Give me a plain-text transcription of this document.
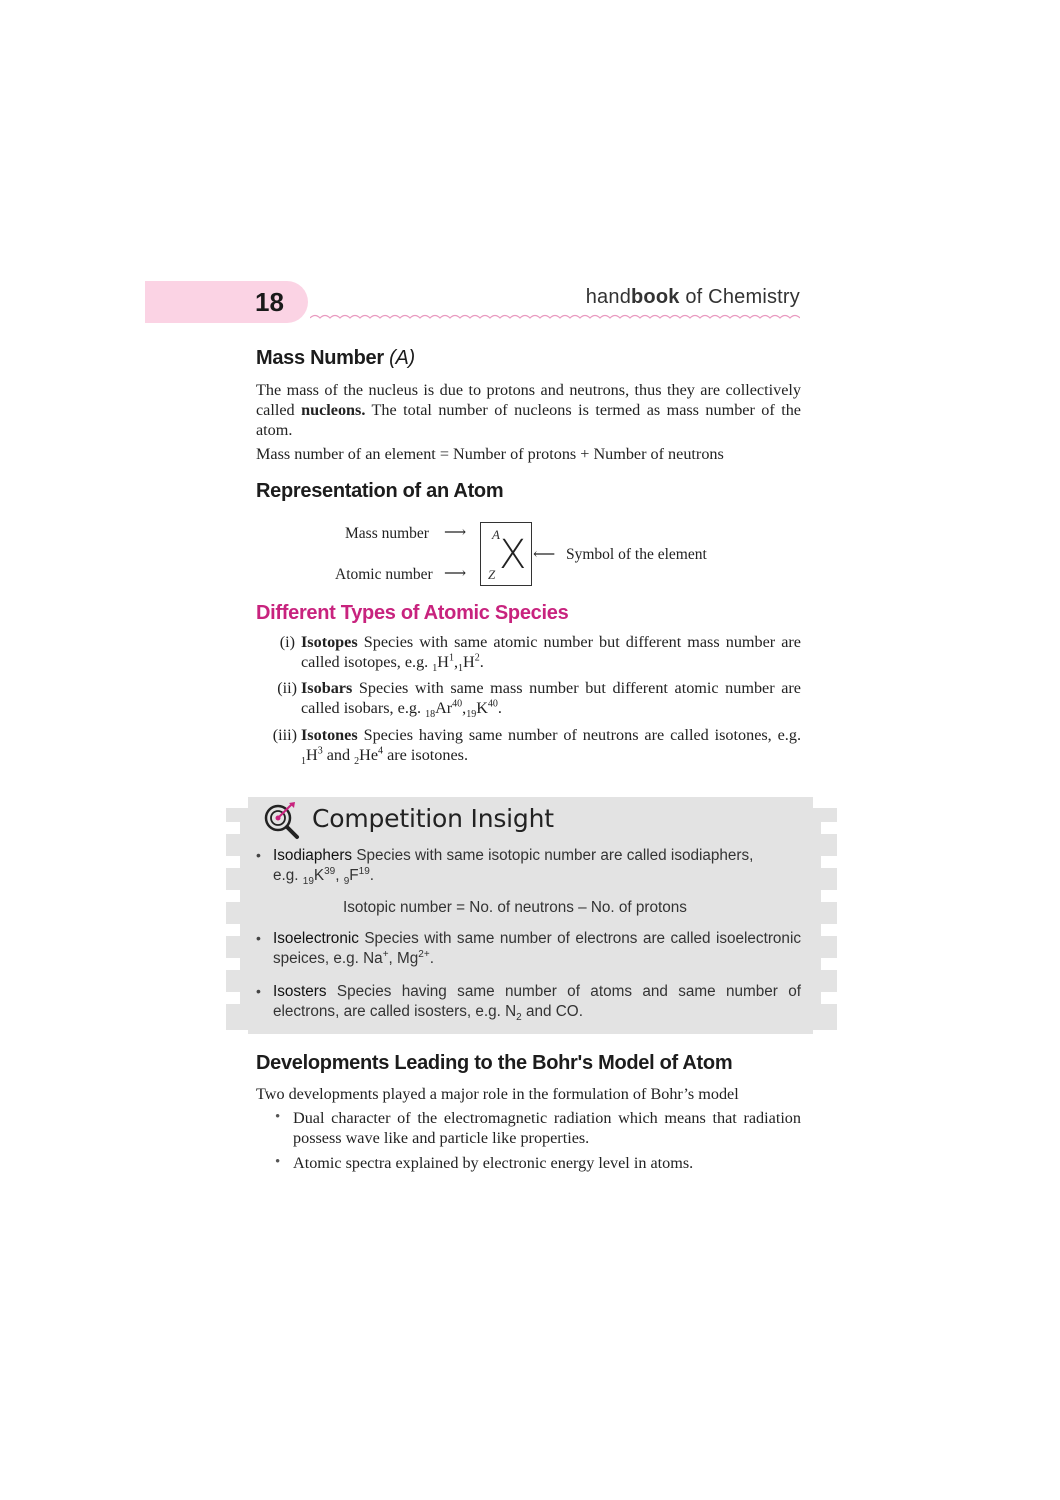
18	handbook of Chemistry
Mass Number (A)

The mass of the nucleus is due to protons and neutrons, thus they are collectively called nucleons. The total number of nucleons is termed as mass number of the atom.

Mass number of an element = Number of protons + Number of neutrons

Representation of an Atom
Mass number ⟶
Atomic number ⟶
A
Z X ⟵ Symbol of the element
Different Types of Atomic Species
(i) Isotopes Species with same atomic number but different mass number are called isotopes, e.g. $_1H^1,_1H^2$.
(ii) Isobars Species with same mass number but different atomic number are called isobars, e.g. $_{18}Ar^{40},_{19}K^{40}$.
(iii) Isotones Species having same number of neutrons are called isotones, e.g. $_1H^3$ and $_2He^4$ are isotones.
Competition Insight
• Isodiaphers Species with same isotopic number are called isodiaphers,
e.g. $_{19}K^{39}$, $_9F^{19}$.
Isotopic number = No. of neutrons – No. of protons
• Isoelectronic Species with same number of electrons are called isoelectronic speices, e.g. Na+, $Mg^{2+}$.
• Isosters Species having same number of atoms and same number of electrons, are called isosters, e.g. $N_2$ and CO.
Developments Leading to the Bohr's Model of Atom

Two developments played a major role in the formulation of Bohr’s model

• Dual character of the electromagnetic radiation which means that radiation possess wave like and particle like properties.

• Atomic spectra explained by electronic energy level in atoms.
